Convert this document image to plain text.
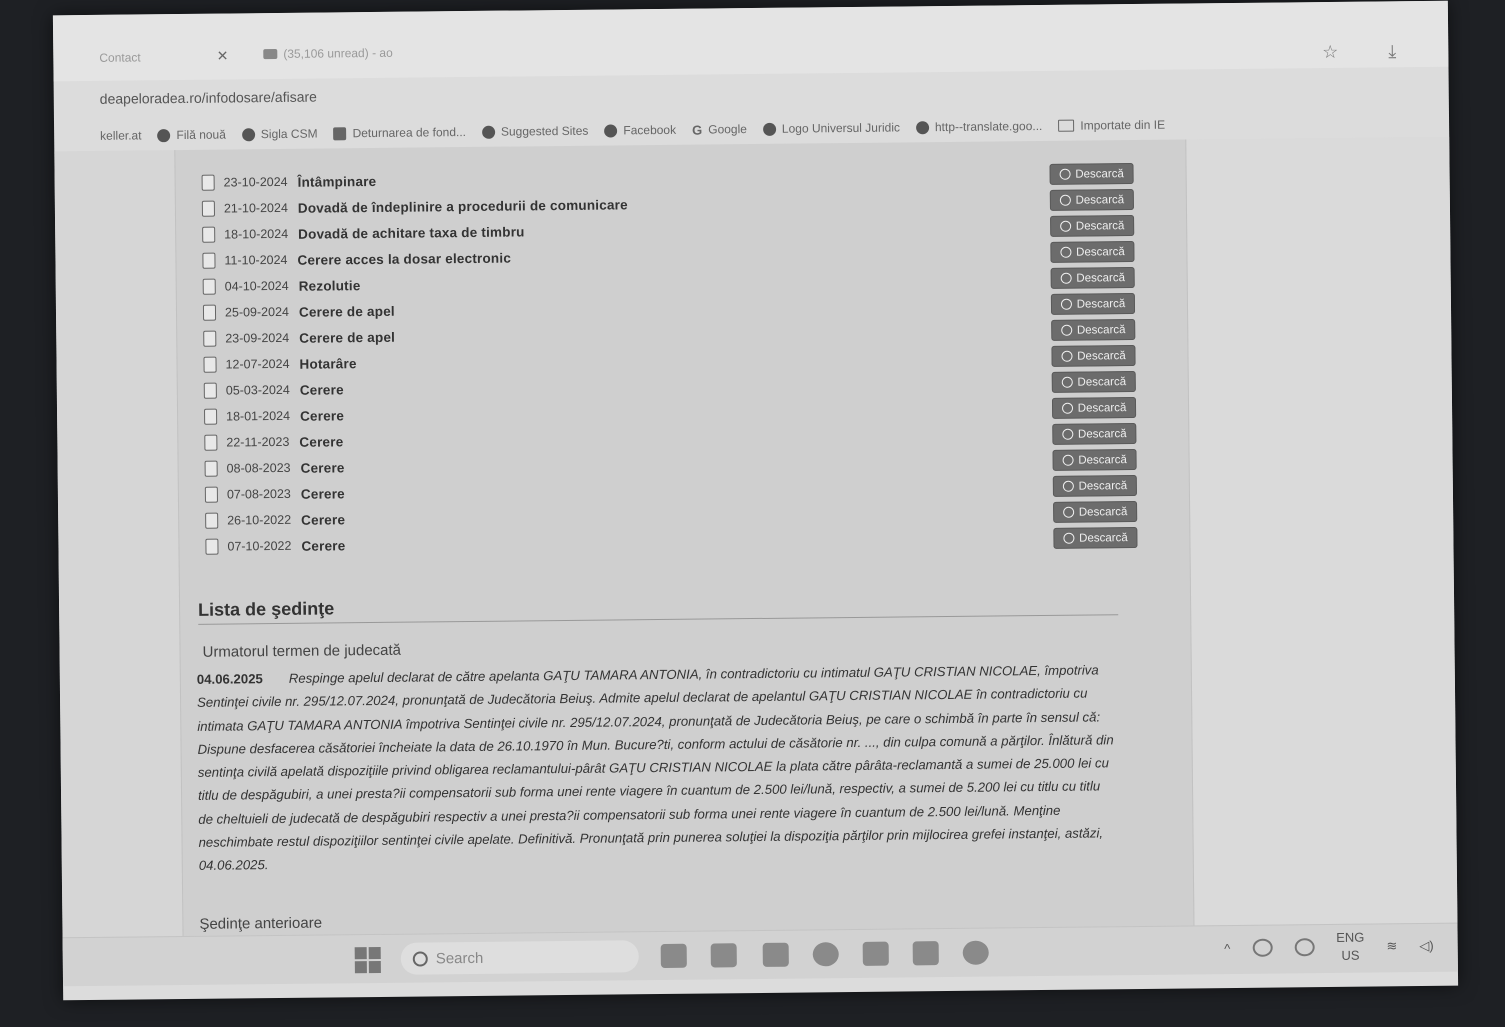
Contact	✕	(35,106 unread) - ao	☆	⤓
deapeloradea.ro/infodosare/afisare
keller.at	Filă nouă	Sigla CSM	Deturnarea de fond...	Suggested Sites	Facebook G Google	Logo Universul Juridic	http--translate.goo...	Importate din IE
23-10-2024 Întâmpinare	Descarcă
21-10-2024 Dovadă de îndeplinire a procedurii de comunicare	Descarcă
18-10-2024 Dovadă de achitare taxa de timbru	Descarcă
11-10-2024 Cerere acces la dosar electronic	Descarcă
04-10-2024 Rezolutie	Descarcă
25-09-2024 Cerere de apel	Descarcă
23-09-2024 Cerere de apel	Descarcă
12-07-2024 Hotarâre	Descarcă
05-03-2024 Cerere	Descarcă
18-01-2024 Cerere	Descarcă
22-11-2023 Cerere	Descarcă
08-08-2023 Cerere	Descarcă
07-08-2023 Cerere	Descarcă
26-10-2022 Cerere	Descarcă
07-10-2022 Cerere	Descarcă
Lista de şedinţe
Urmatorul termen de judecată
04.06.2025 Respinge apelul declarat de către apelanta GAŢU TAMARA ANTONIA, în contradictoriu cu intimatul GAŢU CRISTIAN NICOLAE, împotriva Sentinţei civile nr. 295/12.07.2024, pronunţată de Judecătoria Beiuş. Admite apelul declarat de apelantul GAŢU CRISTIAN NICOLAE în contradictoriu cu intimata GAŢU TAMARA ANTONIA împotriva Sentinţei civile nr. 295/12.07.2024, pronunţată de Judecătoria Beiuş, pe care o schimbă în parte în sensul că: Dispune desfacerea căsătoriei încheiate la data de 26.10.1970 în Mun. Bucure?ti, conform actului de căsătorie nr. ..., din culpa comună a părţilor. Înlătură din sentinţa civilă apelată dispoziţiile privind obligarea reclamantului-pârât GAŢU CRISTIAN NICOLAE la plata către pârâta-reclamantă a sumei de 25.000 lei cu titlu de despăgubiri, a unei presta?ii compensatorii sub forma unei rente viagere în cuantum de 2.500 lei/lună, respectiv, a sumei de 5.200 lei cu titlu cu titlu de cheltuieli de judecată de despăgubiri respectiv a unei presta?ii compensatorii sub forma unei rente viagere în cuantum de 2.500 lei/lună. Menţine neschimbate restul dispoziţiilor sentinţei civile apelate. Definitivă. Pronunţată prin punerea soluţiei la dispoziţia părţilor prin mijlocirea grefei instanţei, astăzi, 04.06.2025.
Şedinţe anterioare
Search
^
ENG
US
≋ ◁)
